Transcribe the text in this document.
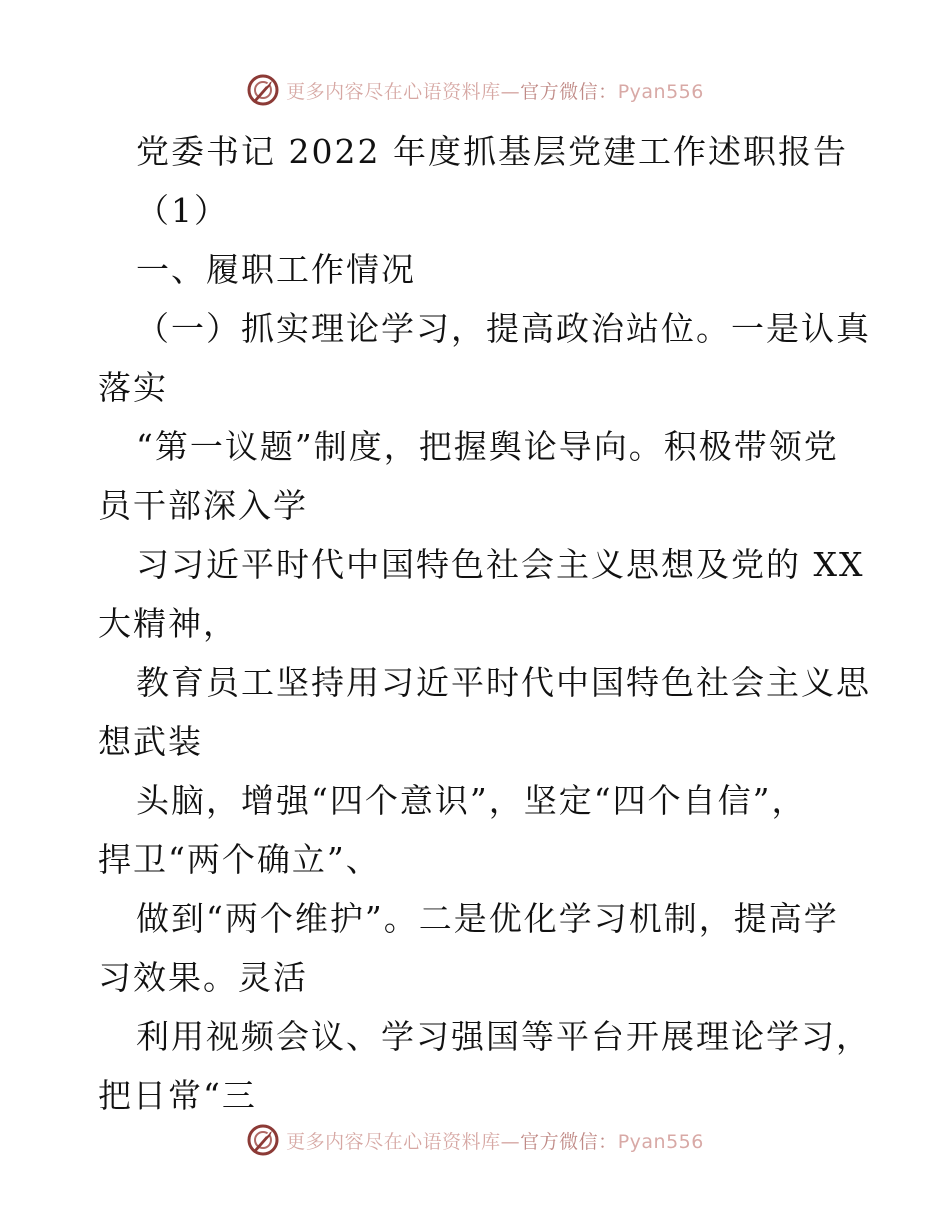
更多内容尽在心语资料库—官方微信：Pyan556
党委书记 2022 年度抓基层党建工作述职报告
（1）
一、履职工作情况
（一）抓实理论学习，提高政治站位。一是认真
落实
“第一议题”制度，把握舆论导向。积极带领党
员干部深入学
习习近平时代中国特色社会主义思想及党的 XX
大精神，
教育员工坚持用习近平时代中国特色社会主义思
想武装
头脑，增强“四个意识”，坚定“四个自信”，
捍卫“两个确立”、
做到“两个维护”。二是优化学习机制，提高学
习效果。灵活
利用视频会议、学习强国等平台开展理论学习，
把日常“三
更多内容尽在心语资料库—官方微信：Pyan556
